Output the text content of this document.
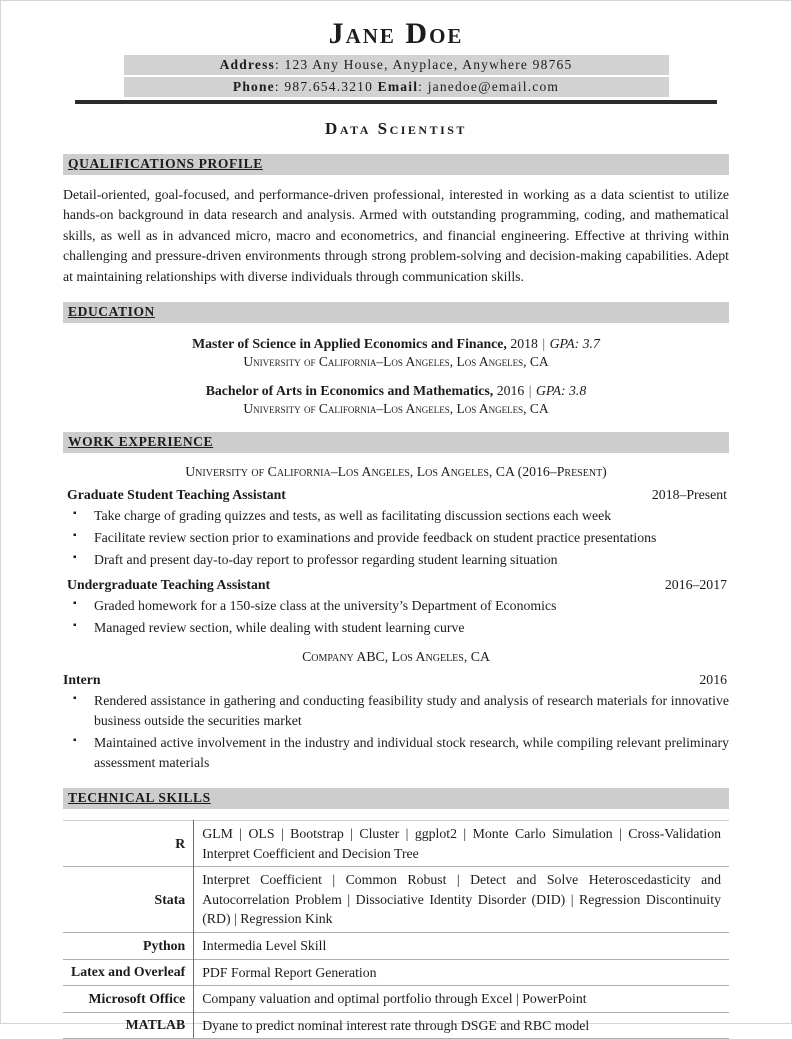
Jane Doe
Address: 123 Any House, Anyplace, Anywhere 98765
Phone: 987.654.3210 Email: janedoe@email.com
Data Scientist
QUALIFICATIONS PROFILE

Detail-oriented, goal-focused, and performance-driven professional, interested in working as a data scientist to utilize hands-on background in data research and analysis. Armed with outstanding programming, coding, and mathematical skills, as well as in advanced micro, macro and econometrics, and financial engineering. Effective at thriving within challenging and pressure-driven environments through strong problem-solving and decision-making capabilities. Adept at maintaining relationships with diverse individuals through communication skills.

EDUCATION

Master of Science in Applied Economics and Finance, 2018 | GPA: 3.7

University of California–Los Angeles, Los Angeles, CA

Bachelor of Arts in Economics and Mathematics, 2016 | GPA: 3.8

University of California–Los Angeles, Los Angeles, CA

WORK EXPERIENCE
University of California–Los Angeles, Los Angeles, CA (2016–Present)
Graduate Student Teaching Assistant	2018–Present
▪ Take charge of grading quizzes and tests, as well as facilitating discussion sections each week
▪ Facilitate review section prior to examinations and provide feedback on student practice presentations
▪ Draft and present day-to-day report to professor regarding student learning situation
Undergraduate Teaching Assistant	2016–2017
▪ Graded homework for a 150-size class at the university’s Department of Economics
▪ Managed review section, while dealing with student learning curve
Company ABC, Los Angeles, CA
Intern	2016
▪ Rendered assistance in gathering and conducting feasibility study and analysis of research materials for innovative business outside the securities market
▪ Maintained active involvement in the industry and individual stock research, while compiling relevant preliminary assessment materials
TECHNICAL SKILLS
R	GLM | OLS | Bootstrap | Cluster | ggplot2 | Monte Carlo Simulation | Cross-Validation Interpret Coefficient and Decision Tree
Stata	Interpret Coefficient | Common Robust | Detect and Solve Heteroscedasticity and Autocorrelation Problem | Dissociative Identity Disorder (DID) | Regression Discontinuity (RD) | Regression Kink
Python	Intermedia Level Skill
Latex and Overleaf	PDF Formal Report Generation
Microsoft Office	Company valuation and optimal portfolio through Excel | PowerPoint
MATLAB	Dyane to predict nominal interest rate through DSGE and RBC model
